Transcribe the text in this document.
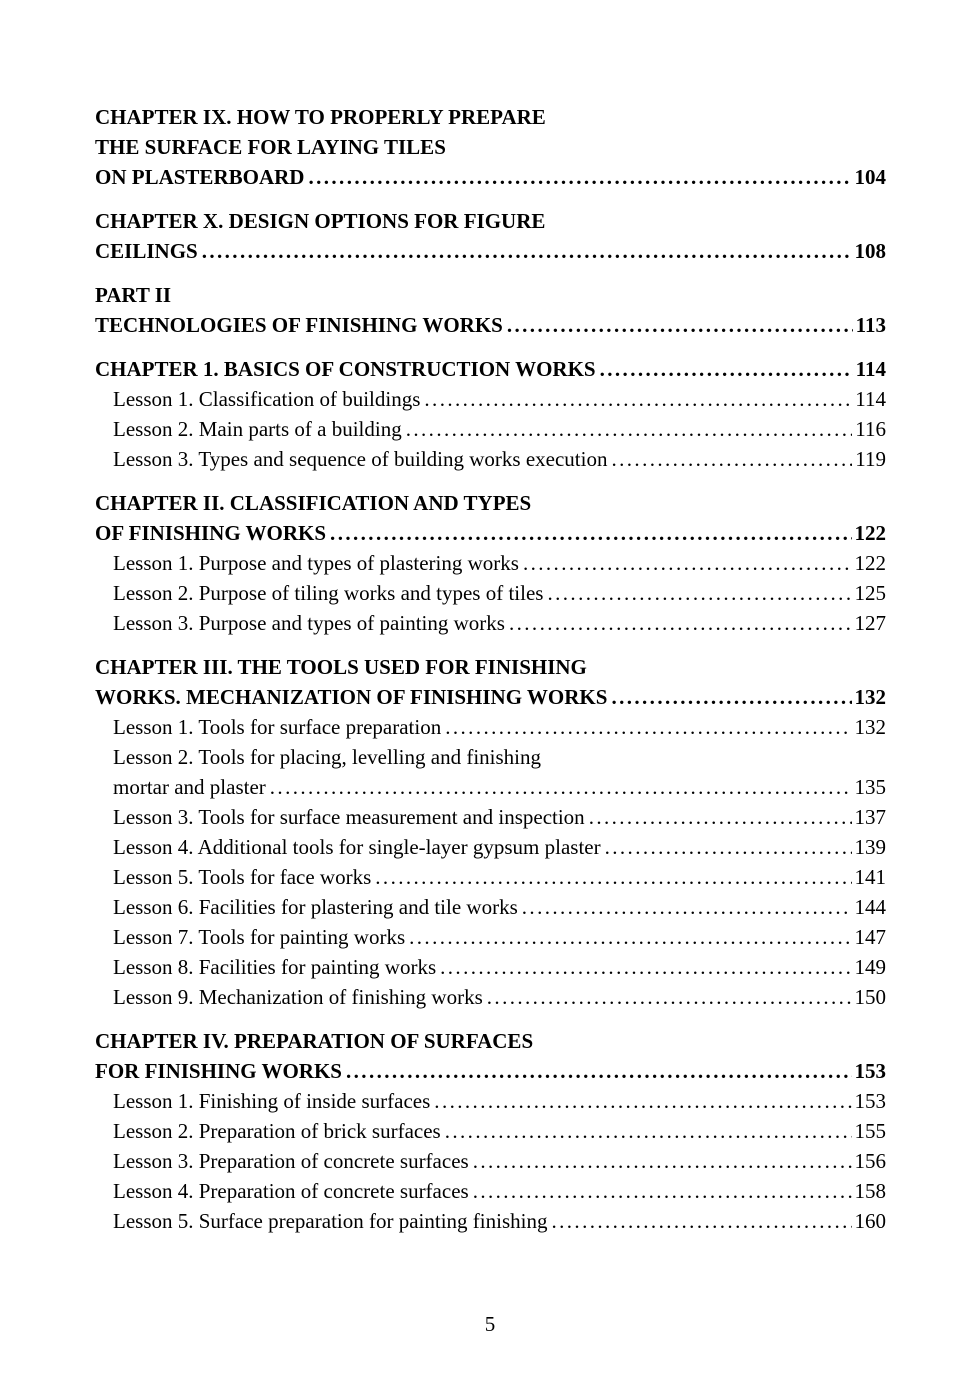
CHAPTER IX. HOW TO PROPERLY PREPARE
THE SURFACE FOR LAYING TILES
ON PLASTERBOARD .....	104
CHAPTER X. DESIGN OPTIONS FOR FIGURE
CEILINGS .....	108
PART II
TECHNOLOGIES OF FINISHING WORKS .....	113
CHAPTER 1. BASICS OF CONSTRUCTION WORKS .....	114
Lesson 1. Classification of buildings .....	114
Lesson 2. Main parts of a building .....	116
Lesson 3. Types and sequence of building works execution .....	119
CHAPTER II. CLASSIFICATION AND TYPES
OF FINISHING WORKS .....	122
Lesson 1. Purpose and types of plastering works .....	122
Lesson 2. Purpose of tiling works and types of tiles .....	125
Lesson 3. Purpose and types of painting works .....	127
CHAPTER III. THE TOOLS USED FOR FINISHING
WORKS. MECHANIZATION OF FINISHING WORKS .....	132
Lesson 1. Tools for surface preparation .....	132
Lesson 2. Tools for placing, levelling and finishing
mortar and plaster .....	135
Lesson 3. Tools for surface measurement and inspection .....	137
Lesson 4. Additional tools for single-layer gypsum plaster .....	139
Lesson 5. Tools for face works .....	141
Lesson 6. Facilities for plastering and tile works .....	144
Lesson 7. Tools for painting works .....	147
Lesson 8. Facilities for painting works .....	149
Lesson 9. Mechanization of finishing works .....	150
CHAPTER IV. PREPARATION OF SURFACES
FOR FINISHING WORKS .....	153
Lesson 1. Finishing of inside surfaces .....	153
Lesson 2. Preparation of brick surfaces .....	155
Lesson 3. Preparation of concrete surfaces .....	156
Lesson 4. Preparation of concrete surfaces .....	158
Lesson 5. Surface preparation for painting finishing .....	160
5
